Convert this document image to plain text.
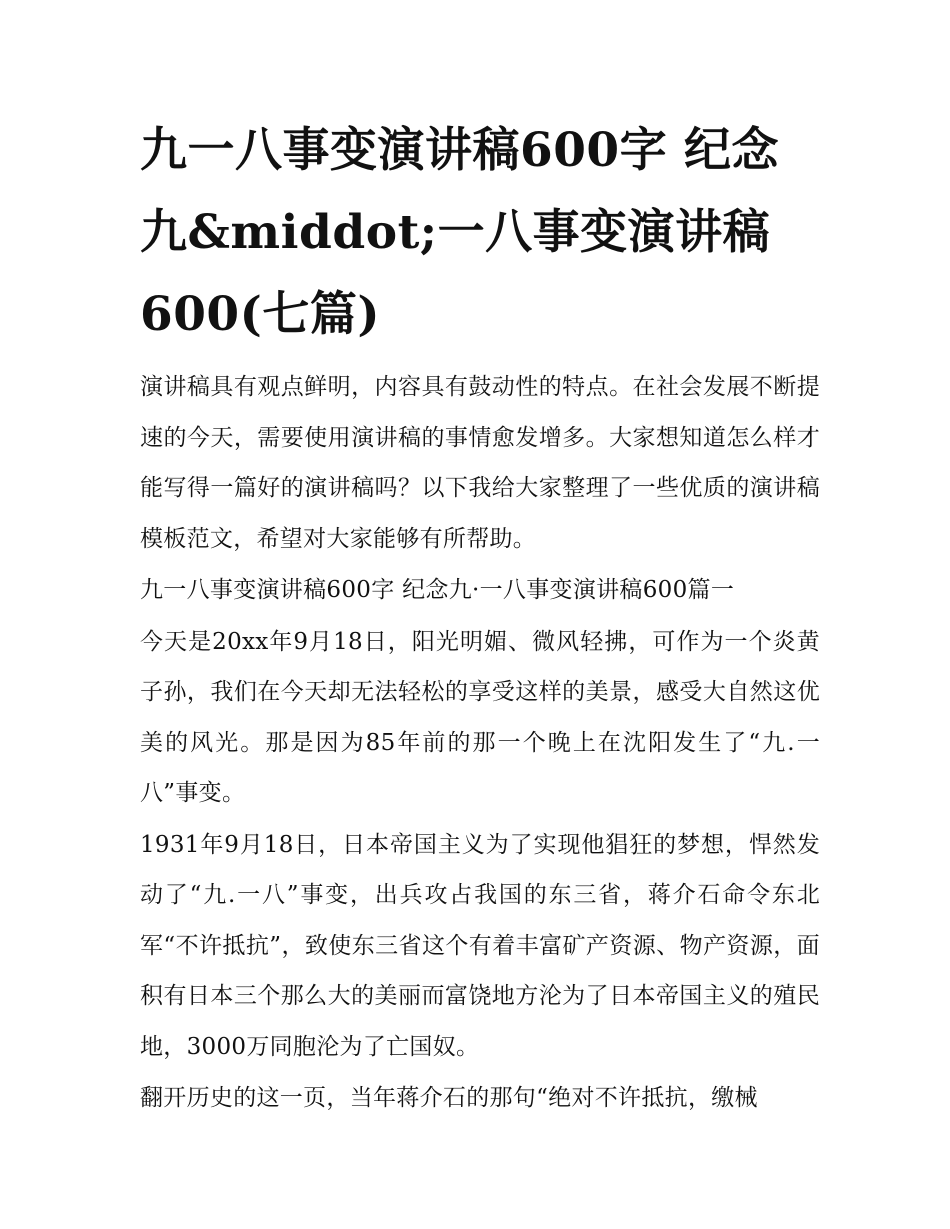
九一八事变演讲稿600字 纪念九&middot;一八事变演讲稿600(七篇)

演讲稿具有观点鲜明，内容具有鼓动性的特点。在社会发展不断提速的今天，需要使用演讲稿的事情愈发增多。大家想知道怎么样才能写得一篇好的演讲稿吗？以下我给大家整理了一些优质的演讲稿模板范文，希望对大家能够有所帮助。

九一八事变演讲稿600字 纪念九·一八事变演讲稿600篇一

今天是20xx年9月18日，阳光明媚、微风轻拂，可作为一个炎黄子孙，我们在今天却无法轻松的享受这样的美景，感受大自然这优美的风光。那是因为85年前的那一个晚上在沈阳发生了“九.一八”事变。

1931年9月18日，日本帝国主义为了实现他猖狂的梦想，悍然发动了“九.一八”事变，出兵攻占我国的东三省，蒋介石命令东北军“不许抵抗”，致使东三省这个有着丰富矿产资源、物产资源，面积有日本三个那么大的美丽而富饶地方沦为了日本帝国主义的殖民地，3000万同胞沦为了亡国奴。

翻开历史的这一页，当年蒋介石的那句“绝对不许抵抗，缴械
